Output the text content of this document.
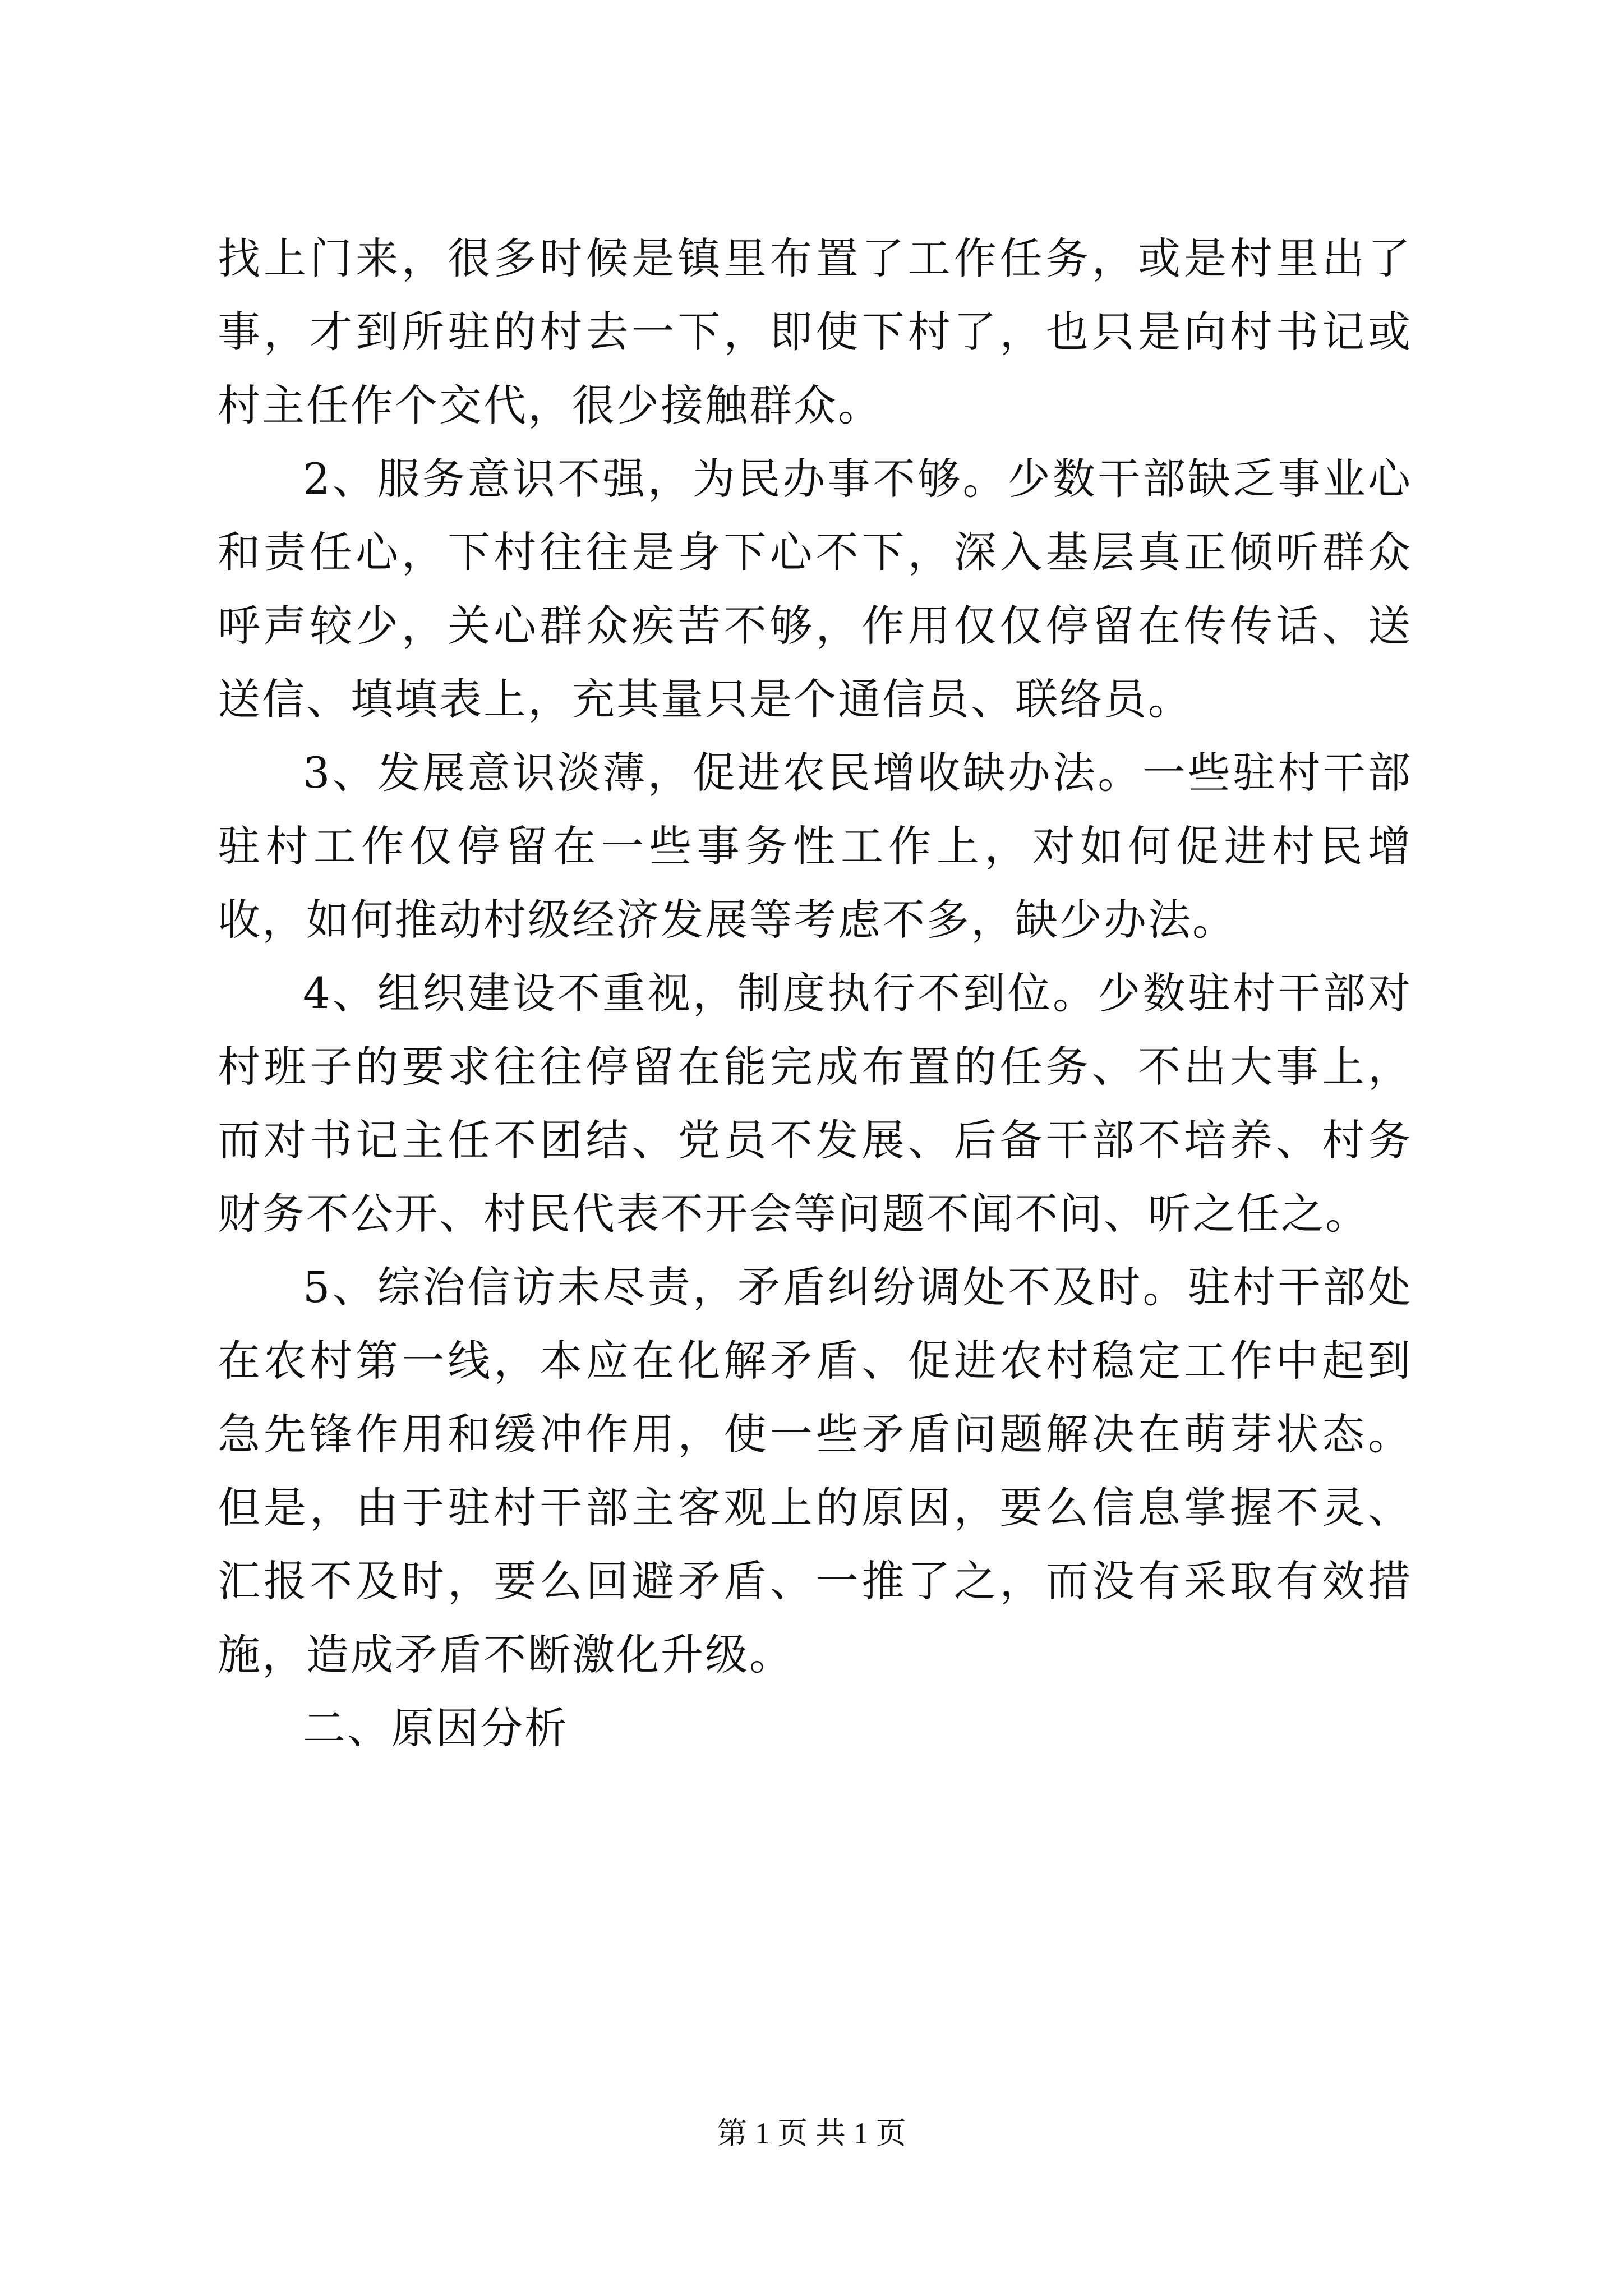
找上门来，很多时候是镇里布置了工作任务，或是村里出了事，才到所驻的村去一下，即使下村了，也只是向村书记或村主任作个交代，很少接触群众。

2、服务意识不强，为民办事不够。少数干部缺乏事业心和责任心，下村往往是身下心不下，深入基层真正倾听群众呼声较少，关心群众疾苦不够，作用仅仅停留在传传话、送送信、填填表上，充其量只是个通信员、联络员。

3、发展意识淡薄，促进农民增收缺办法。一些驻村干部驻村工作仅停留在一些事务性工作上，对如何促进村民增收，如何推动村级经济发展等考虑不多，缺少办法。

4、组织建设不重视，制度执行不到位。少数驻村干部对村班子的要求往往停留在能完成布置的任务、不出大事上，而对书记主任不团结、党员不发展、后备干部不培养、村务财务不公开、村民代表不开会等问题不闻不问、听之任之。

5、综治信访未尽责，矛盾纠纷调处不及时。驻村干部处在农村第一线，本应在化解矛盾、促进农村稳定工作中起到急先锋作用和缓冲作用，使一些矛盾问题解决在萌芽状态。但是，由于驻村干部主客观上的原因，要么信息掌握不灵、汇报不及时，要么回避矛盾、一推了之，而没有采取有效措施，造成矛盾不断激化升级。

二、原因分析

第 1 页 共 1 页
